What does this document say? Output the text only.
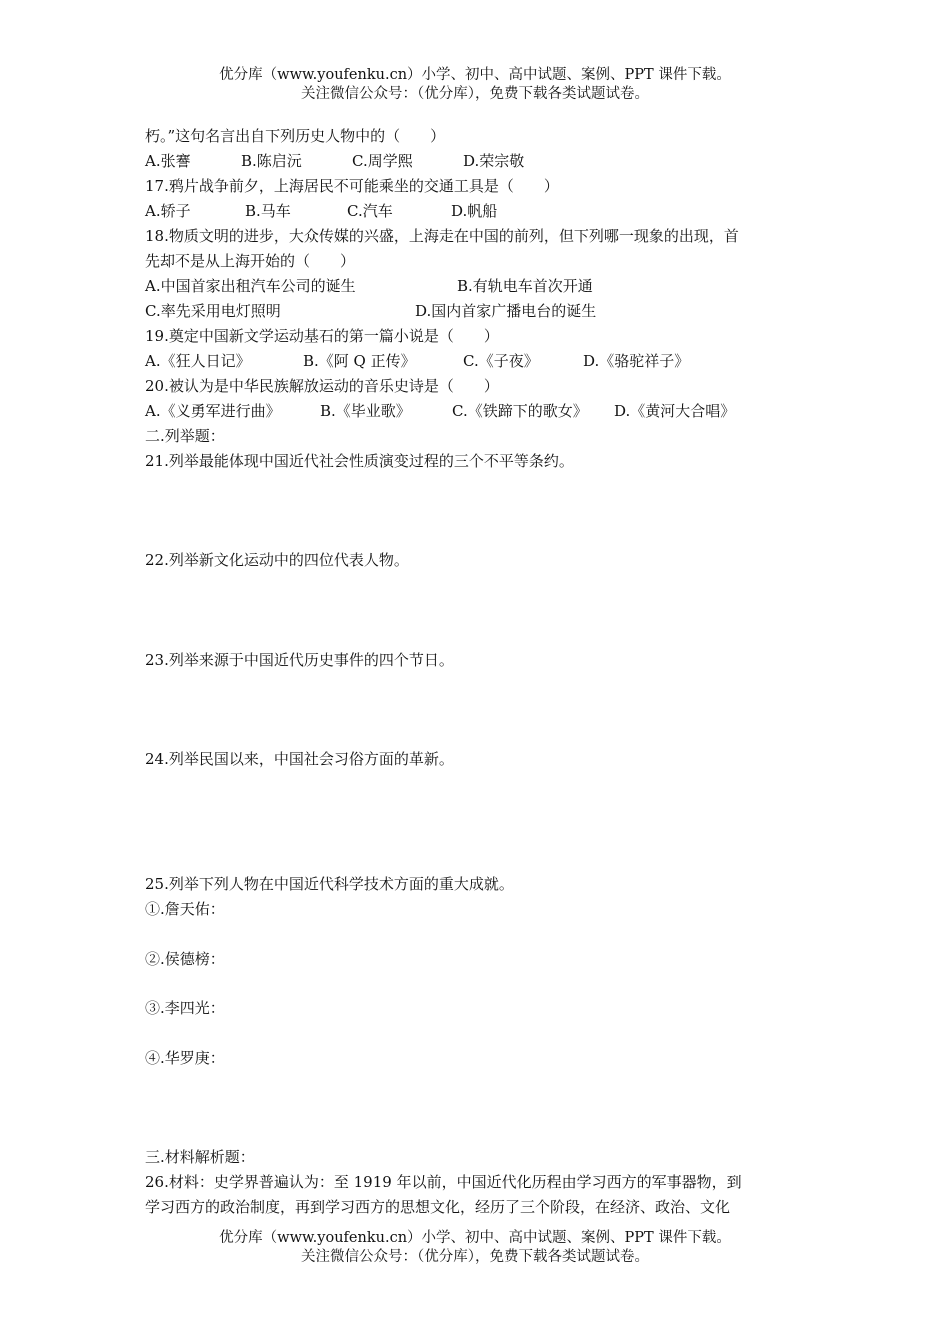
优分库（www.youfenku.cn）小学、初中、高中试题、案例、PPT 课件下载。
关注微信公众号：（优分库），免费下载各类试题试卷。
朽。”这句名言出自下列历史人物中的（　　）
A.张謇	B.陈启沅	C.周学熙	D.荣宗敬
17.鸦片战争前夕，上海居民不可能乘坐的交通工具是（　　）
A.轿子	B.马车	C.汽车	D.帆船
18.物质文明的进步，大众传媒的兴盛，上海走在中国的前列，但下列哪一现象的出现，首
先却不是从上海开始的（　　）
A.中国首家出租汽车公司的诞生	B.有轨电车首次开通
C.率先采用电灯照明	D.国内首家广播电台的诞生
19.奠定中国新文学运动基石的第一篇小说是（　　）
A.《狂人日记》	B.《阿 Q 正传》	C.《子夜》	D.《骆驼祥子》
20.被认为是中华民族解放运动的音乐史诗是（　　）
A.《义勇军进行曲》	B.《毕业歌》	C.《铁蹄下的歌女》 D.《黄河大合唱》
二.列举题：
21.列举最能体现中国近代社会性质演变过程的三个不平等条约。
22.列举新文化运动中的四位代表人物。
23.列举来源于中国近代历史事件的四个节日。
24.列举民国以来，中国社会习俗方面的革新。
25.列举下列人物在中国近代科学技术方面的重大成就。
①.詹天佑：
②.侯德榜：
③.李四光：
④.华罗庚：
三.材料解析题：
26.材料：史学界普遍认为：至 1919 年以前，中国近代化历程由学习西方的军事器物，到
学习西方的政治制度，再到学习西方的思想文化，经历了三个阶段，在经济、政治、文化
优分库（www.youfenku.cn）小学、初中、高中试题、案例、PPT 课件下载。
关注微信公众号：（优分库），免费下载各类试题试卷。
